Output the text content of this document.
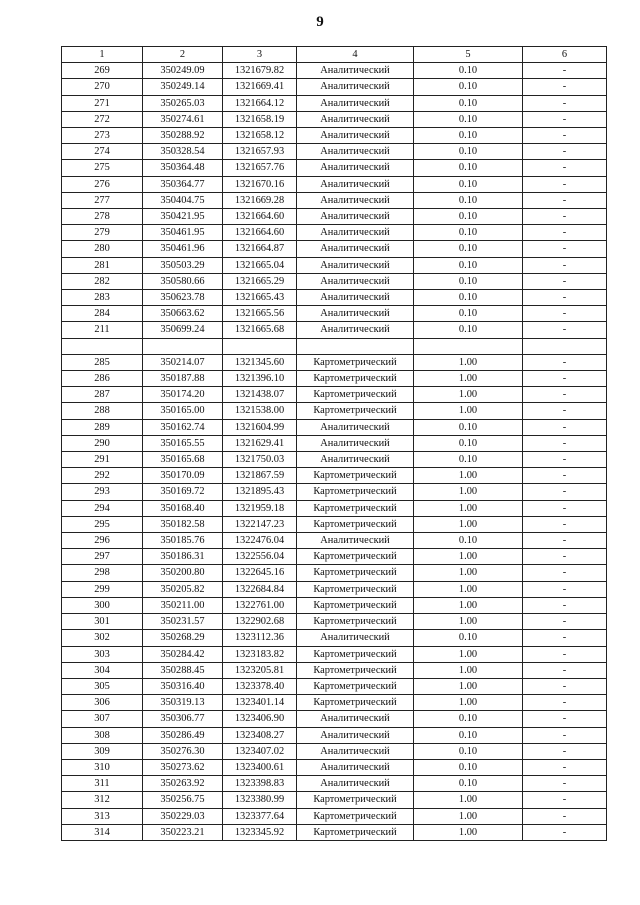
9
1	2	3	4	5	6
269	350249.09	1321679.82	Аналитический	0.10	-
270	350249.14	1321669.41	Аналитический	0.10	-
271	350265.03	1321664.12	Аналитический	0.10	-
272	350274.61	1321658.19	Аналитический	0.10	-
273	350288.92	1321658.12	Аналитический	0.10	-
274	350328.54	1321657.93	Аналитический	0.10	-
275	350364.48	1321657.76	Аналитический	0.10	-
276	350364.77	1321670.16	Аналитический	0.10	-
277	350404.75	1321669.28	Аналитический	0.10	-
278	350421.95	1321664.60	Аналитический	0.10	-
279	350461.95	1321664.60	Аналитический	0.10	-
280	350461.96	1321664.87	Аналитический	0.10	-
281	350503.29	1321665.04	Аналитический	0.10	-
282	350580.66	1321665.29	Аналитический	0.10	-
283	350623.78	1321665.43	Аналитический	0.10	-
284	350663.62	1321665.56	Аналитический	0.10	-
211	350699.24	1321665.68	Аналитический	0.10	-

285	350214.07	1321345.60	Картометрический	1.00	-
286	350187.88	1321396.10	Картометрический	1.00	-
287	350174.20	1321438.07	Картометрический	1.00	-
288	350165.00	1321538.00	Картометрический	1.00	-
289	350162.74	1321604.99	Аналитический	0.10	-
290	350165.55	1321629.41	Аналитический	0.10	-
291	350165.68	1321750.03	Аналитический	0.10	-
292	350170.09	1321867.59	Картометрический	1.00	-
293	350169.72	1321895.43	Картометрический	1.00	-
294	350168.40	1321959.18	Картометрический	1.00	-
295	350182.58	1322147.23	Картометрический	1.00	-
296	350185.76	1322476.04	Аналитический	0.10	-
297	350186.31	1322556.04	Картометрический	1.00	-
298	350200.80	1322645.16	Картометрический	1.00	-
299	350205.82	1322684.84	Картометрический	1.00	-
300	350211.00	1322761.00	Картометрический	1.00	-
301	350231.57	1322902.68	Картометрический	1.00	-
302	350268.29	1323112.36	Аналитический	0.10	-
303	350284.42	1323183.82	Картометрический	1.00	-
304	350288.45	1323205.81	Картометрический	1.00	-
305	350316.40	1323378.40	Картометрический	1.00	-
306	350319.13	1323401.14	Картометрический	1.00	-
307	350306.77	1323406.90	Аналитический	0.10	-
308	350286.49	1323408.27	Аналитический	0.10	-
309	350276.30	1323407.02	Аналитический	0.10	-
310	350273.62	1323400.61	Аналитический	0.10	-
311	350263.92	1323398.83	Аналитический	0.10	-
312	350256.75	1323380.99	Картометрический	1.00	-
313	350229.03	1323377.64	Картометрический	1.00	-
314	350223.21	1323345.92	Картометрический	1.00	-
